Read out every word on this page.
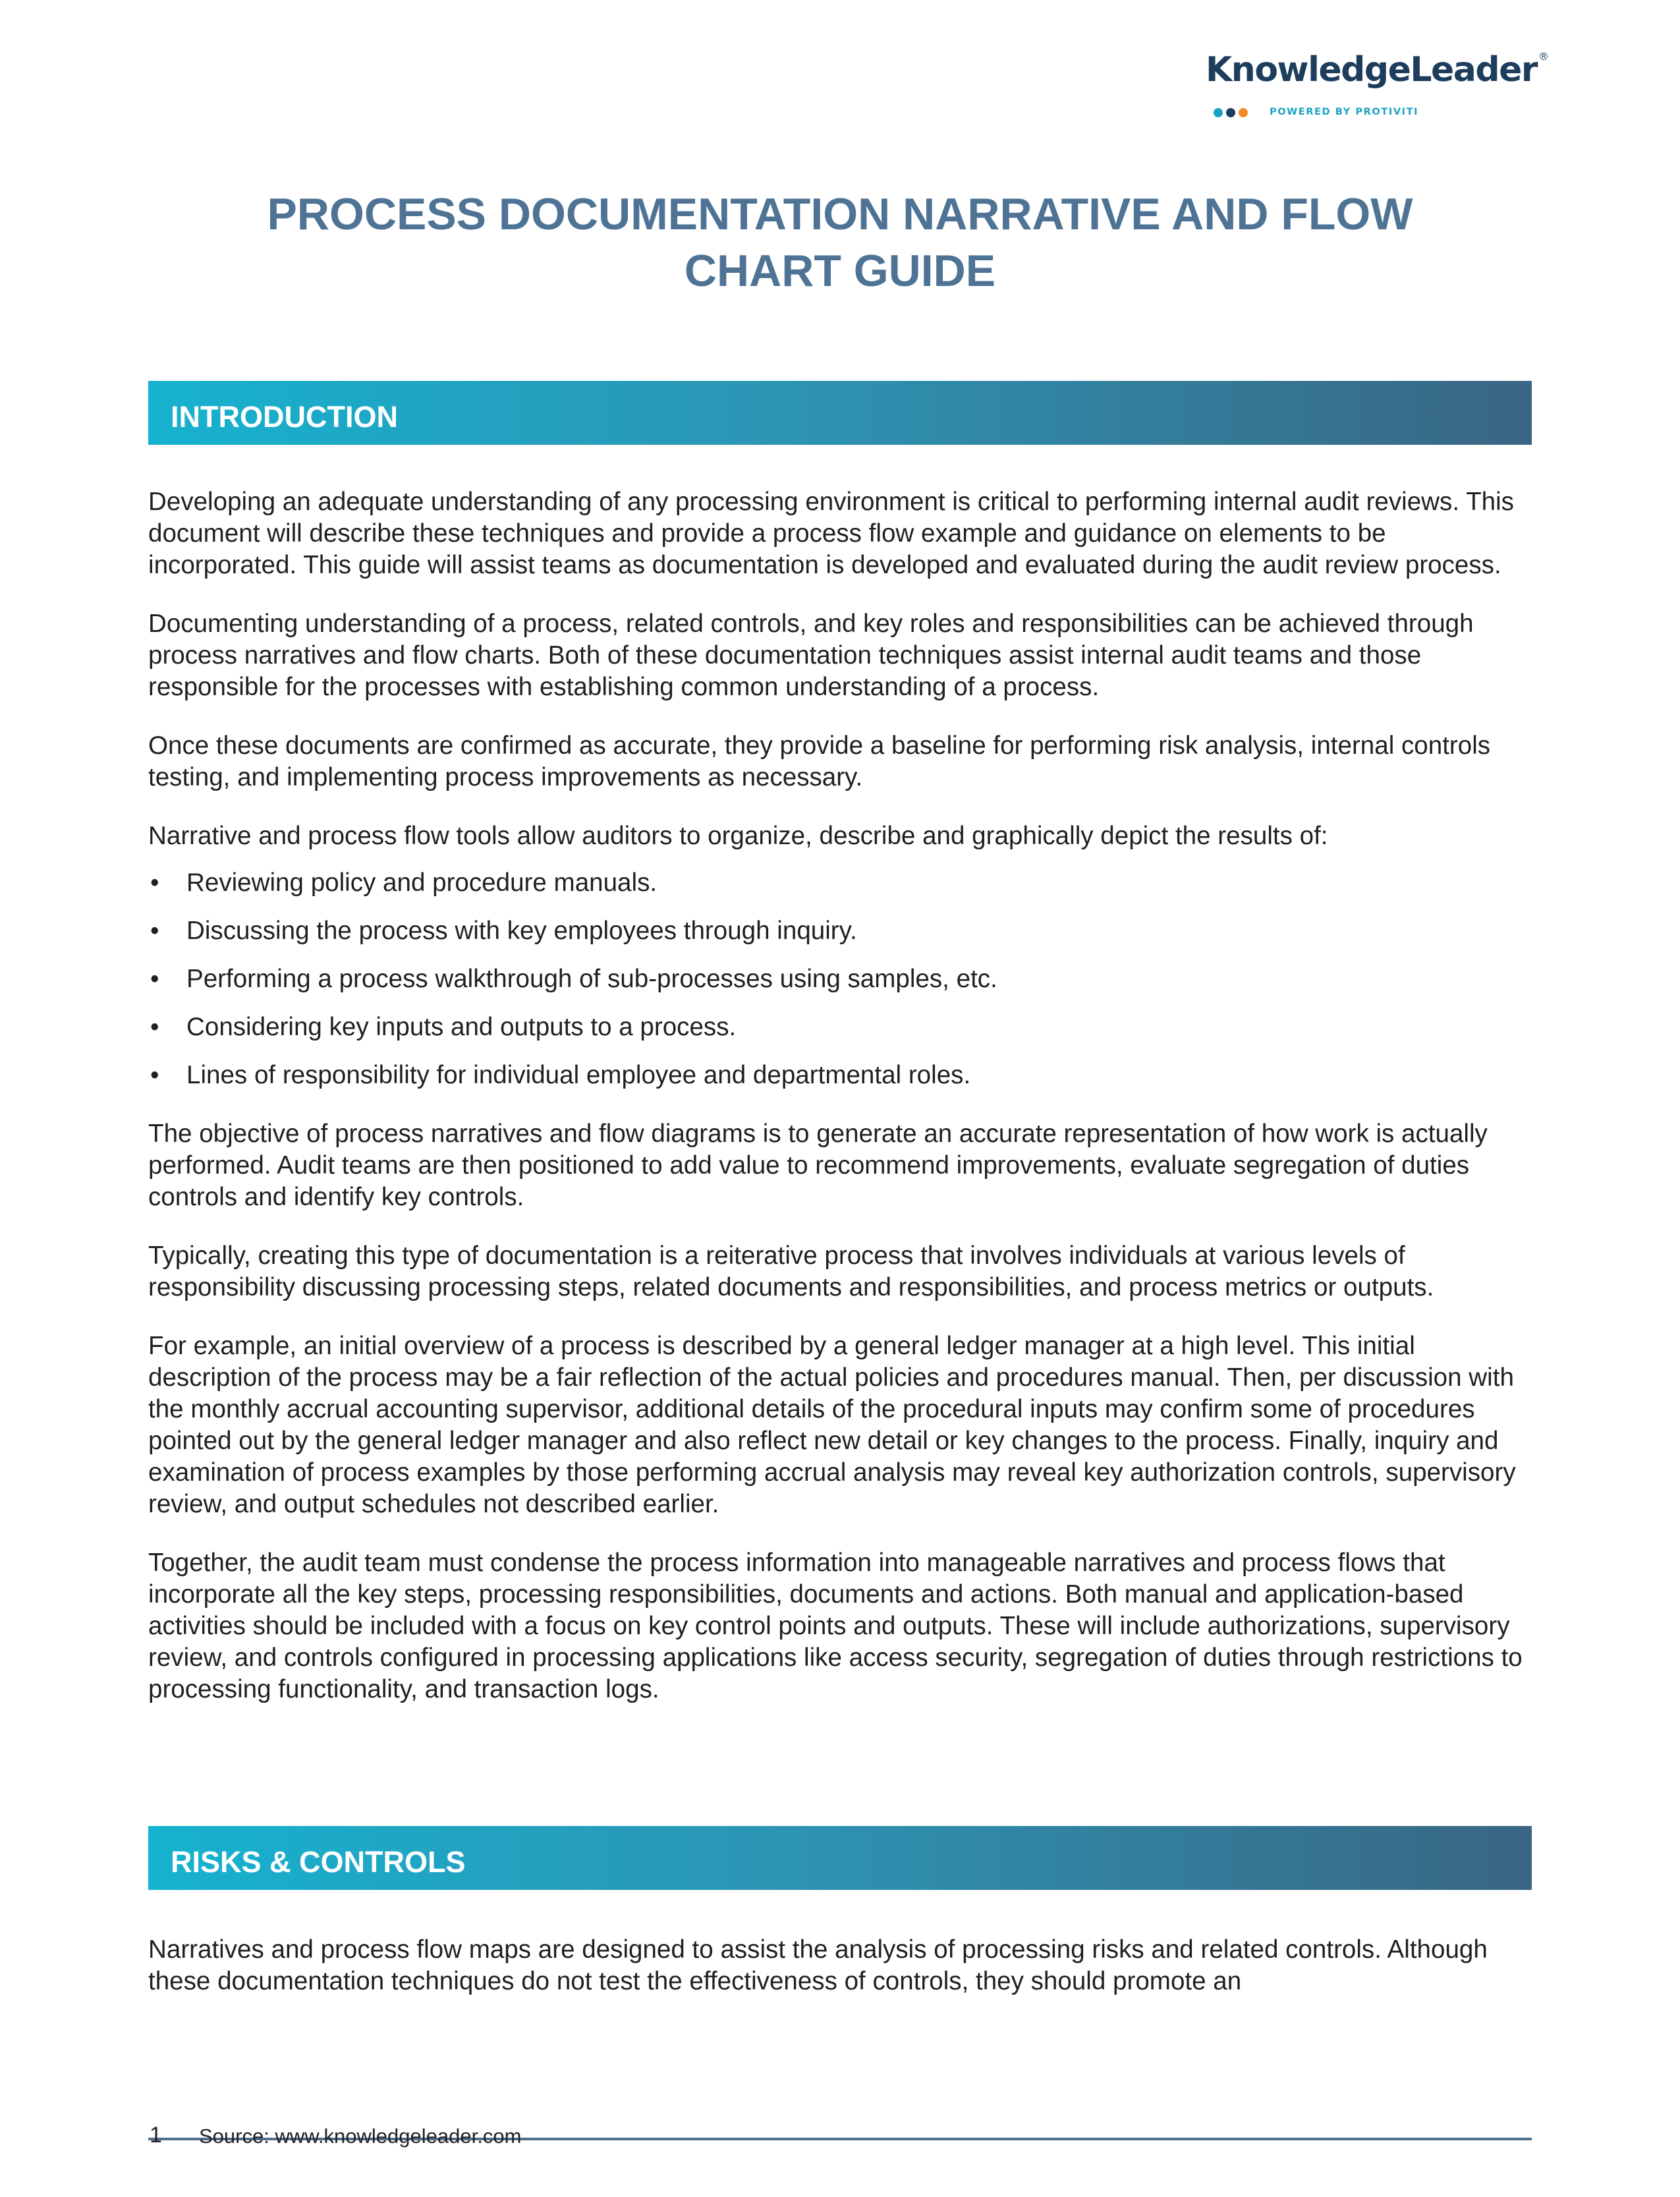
KnowledgeLeader ®
POWERED BY PROTIVITI
PROCESS DOCUMENTATION NARRATIVE AND FLOW
CHART GUIDE
INTRODUCTION

Developing an adequate understanding of any processing environment is critical to performing internal audit reviews. This document will describe these techniques and provide a process flow example and guidance on elements to be incorporated. This guide will assist teams as documentation is developed and evaluated during the audit review process.

Documenting understanding of a process, related controls, and key roles and responsibilities can be achieved through process narratives and flow charts. Both of these documentation techniques assist internal audit teams and those responsible for the processes with establishing common understanding of a process.

Once these documents are confirmed as accurate, they provide a baseline for performing risk analysis, internal controls testing, and implementing process improvements as necessary.

Narrative and process flow tools allow auditors to organize, describe and graphically depict the results of:

• Reviewing policy and procedure manuals.
• Discussing the process with key employees through inquiry.
• Performing a process walkthrough of sub-processes using samples, etc.
• Considering key inputs and outputs to a process.
• Lines of responsibility for individual employee and departmental roles.

The objective of process narratives and flow diagrams is to generate an accurate representation of how work is actually performed. Audit teams are then positioned to add value to recommend improvements, evaluate segregation of duties controls and identify key controls.

Typically, creating this type of documentation is a reiterative process that involves individuals at various levels of responsibility discussing processing steps, related documents and responsibilities, and process metrics or outputs.

For example, an initial overview of a process is described by a general ledger manager at a high level. This initial description of the process may be a fair reflection of the actual policies and procedures manual. Then, per discussion with the monthly accrual accounting supervisor, additional details of the procedural inputs may confirm some of procedures pointed out by the general ledger manager and also reflect new detail or key changes to the process. Finally, inquiry and examination of process examples by those performing accrual analysis may reveal key authorization controls, supervisory review, and output schedules not described earlier.

Together, the audit team must condense the process information into manageable narratives and process flows that incorporate all the key steps, processing responsibilities, documents and actions. Both manual and application-based activities should be included with a focus on key control points and outputs. These will include authorizations, supervisory review, and controls configured in processing applications like access security, segregation of duties through restrictions to processing functionality, and transaction logs.

RISKS & CONTROLS

Narratives and process flow maps are designed to assist the analysis of processing risks and related controls. Although these documentation techniques do not test the effectiveness of controls, they should promote an

1 Source: www.knowledgeleader.com
